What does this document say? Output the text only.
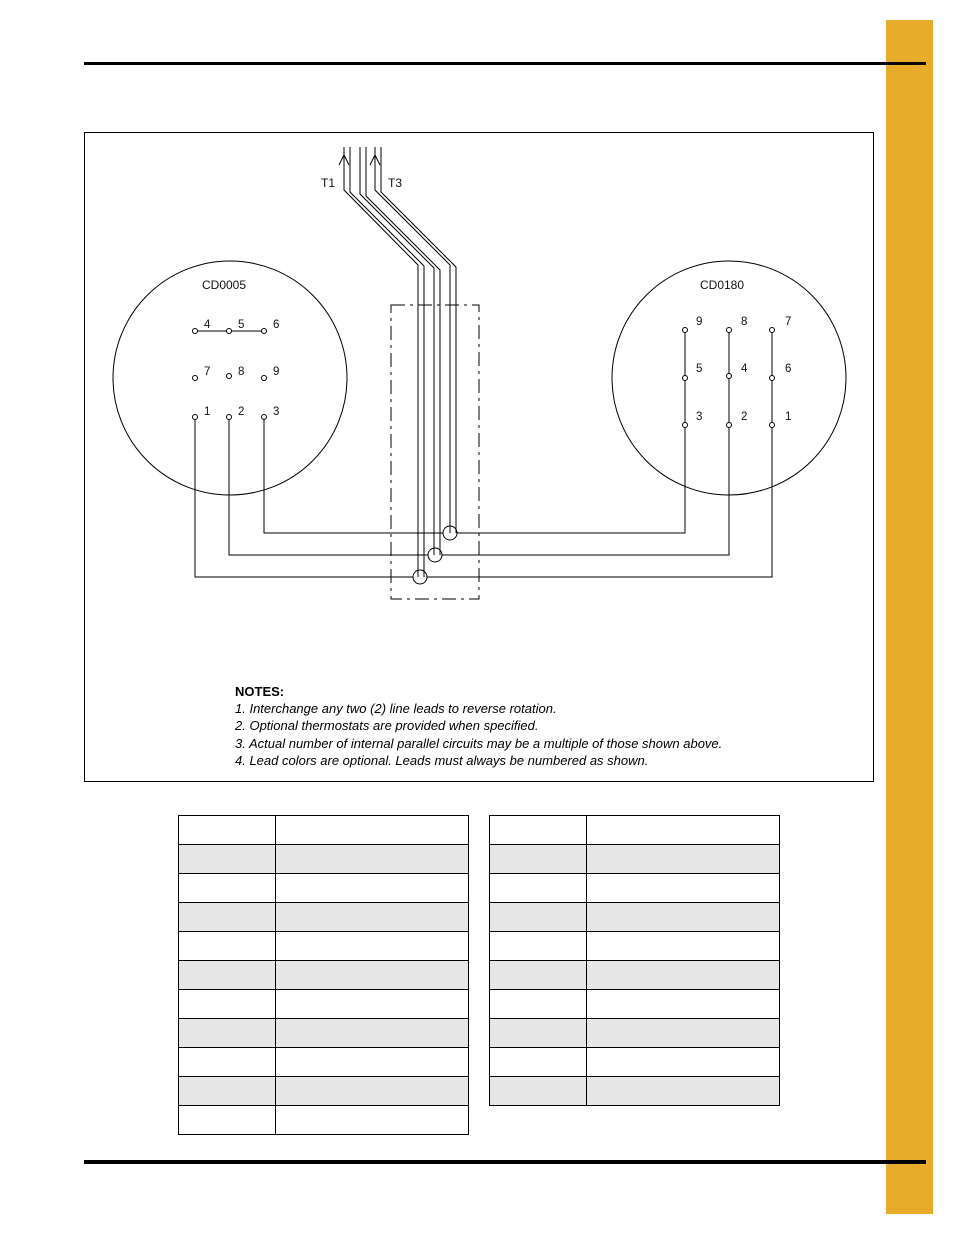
T1	T3
CD0005	CD0180
4 5 6
7 8 9
1 2 3
9	8	7
5	4	6
3	2	1
NOTES:
1. Interchange any two (2) line leads to reverse rotation.
2. Optional thermostats are provided when specified.
3. Actual number of internal parallel circuits may be a multiple of those shown above.
4. Lead colors are optional. Leads must always be numbered as shown.
